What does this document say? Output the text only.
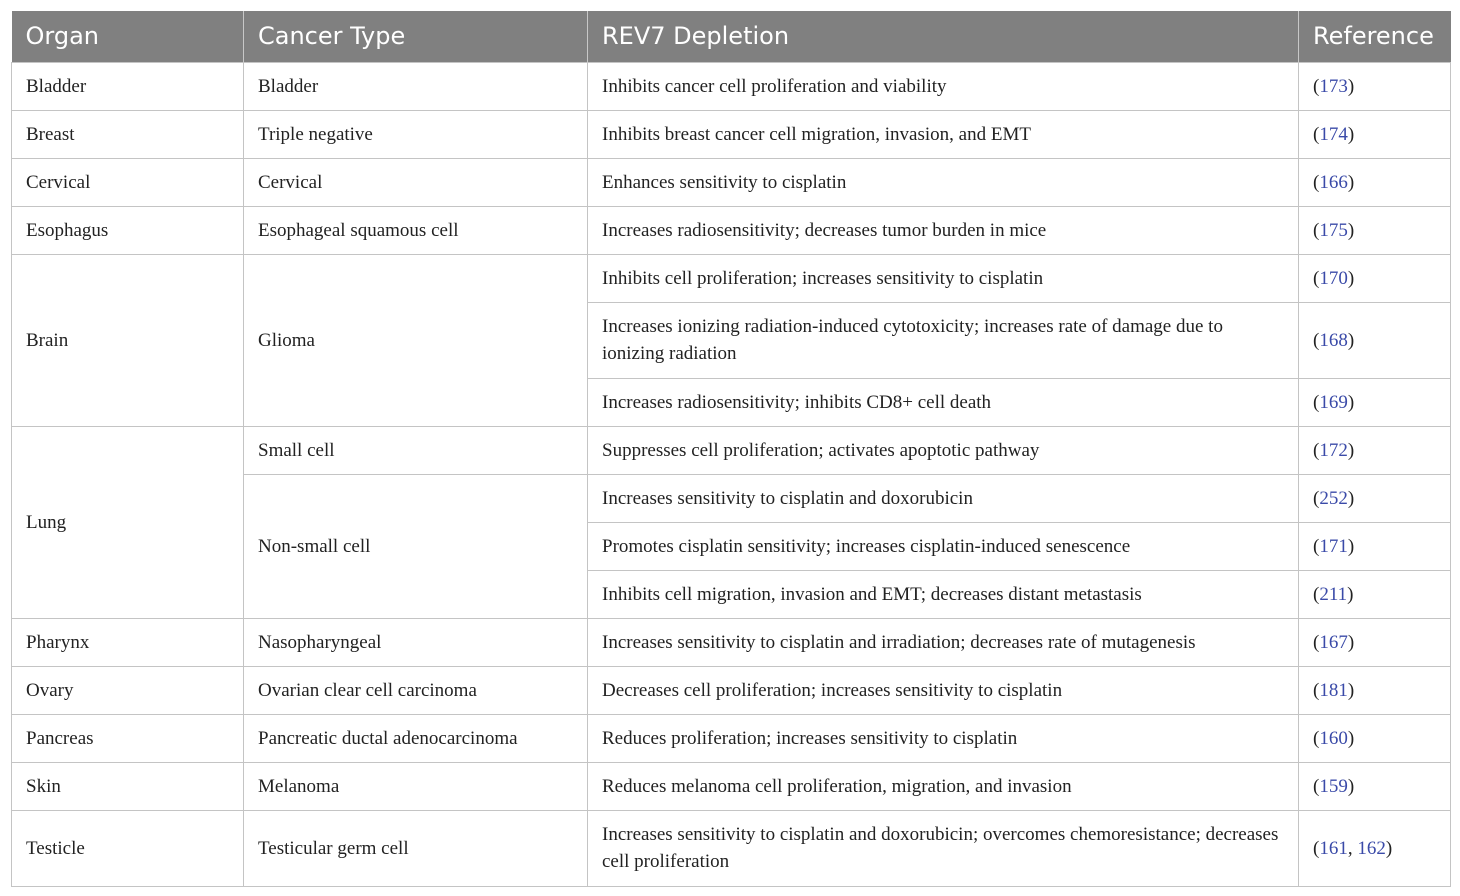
Organ	Cancer Type	REV7 Depletion	Reference
Bladder	Bladder	Inhibits cancer cell proliferation and viability	(173)
Breast	Triple negative	Inhibits breast cancer cell migration, invasion, and EMT	(174)
Cervical	Cervical	Enhances sensitivity to cisplatin	(166)
Esophagus	Esophageal squamous cell	Increases radiosensitivity; decreases tumor burden in mice	(175)
Brain	Glioma	Inhibits cell proliferation; increases sensitivity to cisplatin	(170)
		Increases ionizing radiation-induced cytotoxicity; increases rate of damage due to ionizing radiation	(168)
		Increases radiosensitivity; inhibits CD8+ cell death	(169)
Lung	Small cell	Suppresses cell proliferation; activates apoptotic pathway	(172)
	Non-small cell	Increases sensitivity to cisplatin and doxorubicin	(252)
		Promotes cisplatin sensitivity; increases cisplatin-induced senescence	(171)
		Inhibits cell migration, invasion and EMT; decreases distant metastasis	(211)
Pharynx	Nasopharyngeal	Increases sensitivity to cisplatin and irradiation; decreases rate of mutagenesis	(167)
Ovary	Ovarian clear cell carcinoma	Decreases cell proliferation; increases sensitivity to cisplatin	(181)
Pancreas	Pancreatic ductal adenocarcinoma	Reduces proliferation; increases sensitivity to cisplatin	(160)
Skin	Melanoma	Reduces melanoma cell proliferation, migration, and invasion	(159)
Testicle	Testicular germ cell	Increases sensitivity to cisplatin and doxorubicin; overcomes chemoresistance; decreases cell proliferation	(161, 162)
